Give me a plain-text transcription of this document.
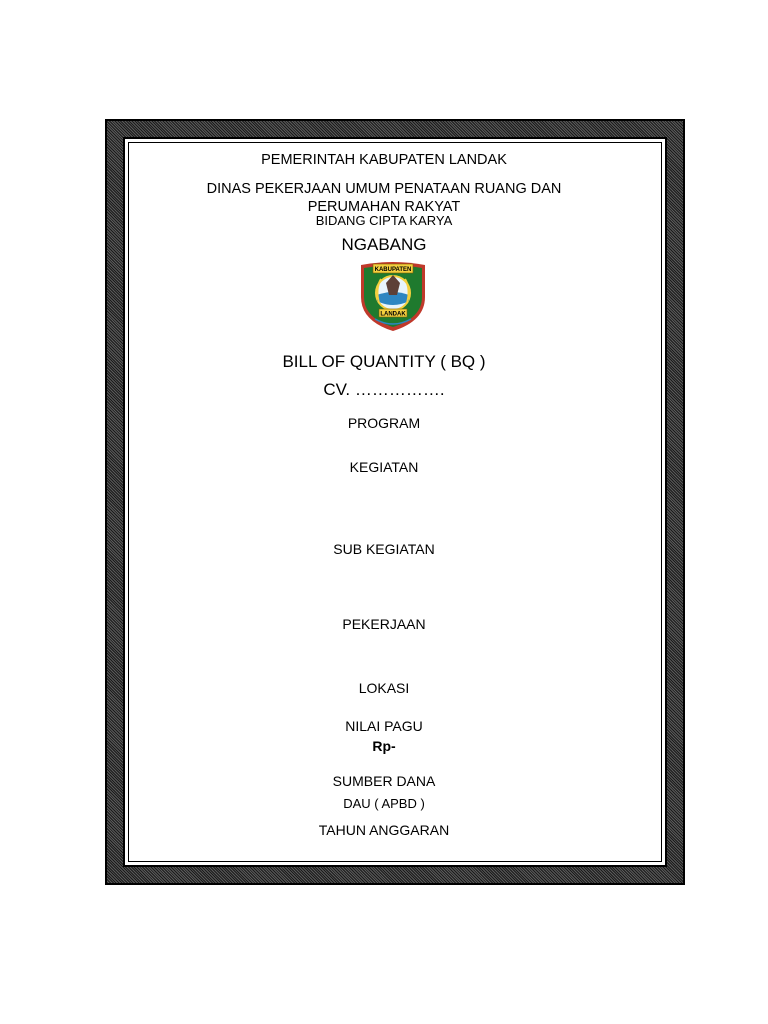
PEMERINTAH KABUPATEN LANDAK
DINAS PEKERJAAN UMUM PENATAAN RUANG DAN
PERUMAHAN RAKYAT
BIDANG CIPTA KARYA
NGABANG
KABUPATEN
LANDAK
BILL OF QUANTITY ( BQ )
CV. …………….
PROGRAM
KEGIATAN
SUB KEGIATAN
PEKERJAAN
LOKASI
NILAI PAGU
Rp-
SUMBER DANA
DAU ( APBD )
TAHUN ANGGARAN
